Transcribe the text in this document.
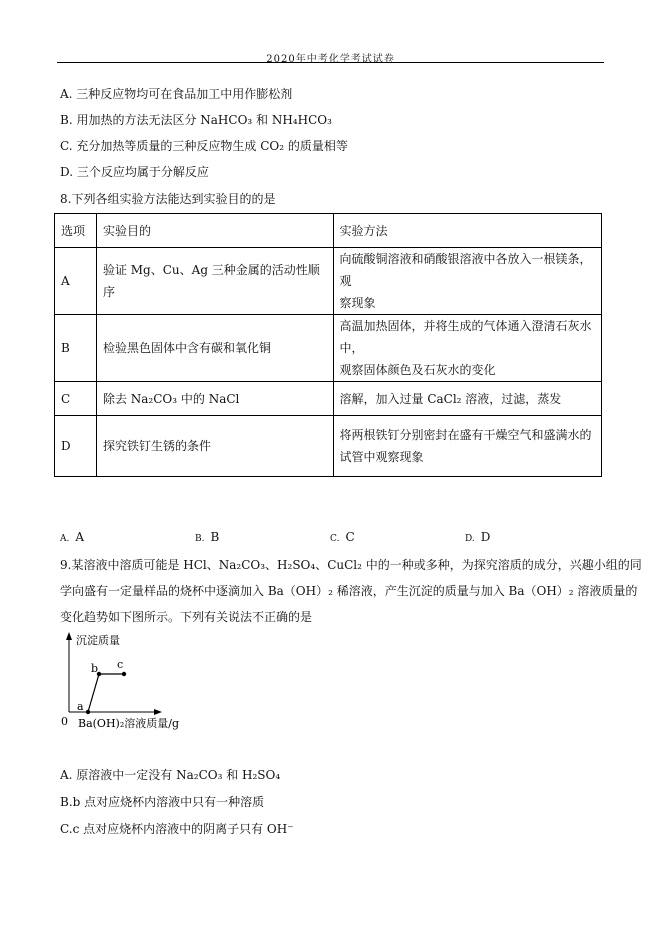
2020年中考化学考试试卷
A. 三种反应物均可在食品加工中用作膨松剂
B. 用加热的方法无法区分 NaHCO₃ 和 NH₄HCO₃
C. 充分加热等质量的三种反应物生成 CO₂ 的质量相等
D. 三个反应均属于分解反应
8.下列各组实验方法能达到实验目的的是
选项	实验目的	实验方法
A	验证 Mg、Cu、Ag 三种金属的活动性顺序	向硫酸铜溶液和硝酸银溶液中各放入一根镁条，观
察现象

B	检验黑色固体中含有碳和氧化铜	高温加热固体，并将生成的气体通入澄清石灰水中，
观察固体颜色及石灰水的变化

C	除去 Na₂CO₃ 中的 NaCl	溶解，加入过量 CaCl₂ 溶液，过滤，蒸发

D	探究铁钉生锈的条件	将两根铁钉分别密封在盛有干燥空气和盛满水的
试管中观察现象
A. A	B. B	C. C	D. D
9.某溶液中溶质可能是 HCl、Na₂CO₃、H₂SO₄、CuCl₂ 中的一种或多种，为探究溶质的成分，兴趣小组的同
学向盛有一定量样品的烧杯中逐滴加入 Ba（OH）₂ 稀溶液，产生沉淀的质量与加入 Ba（OH）₂ 溶液质量的
变化趋势如下图所示。下列有关说法不正确的是
沉淀质量
a
b c
0 Ba(OH)₂溶液质量/g
A. 原溶液中一定没有 Na₂CO₃ 和 H₂SO₄
B.b 点对应烧杯内溶液中只有一种溶质
C.c 点对应烧杯内溶液中的阴离子只有 OH⁻
